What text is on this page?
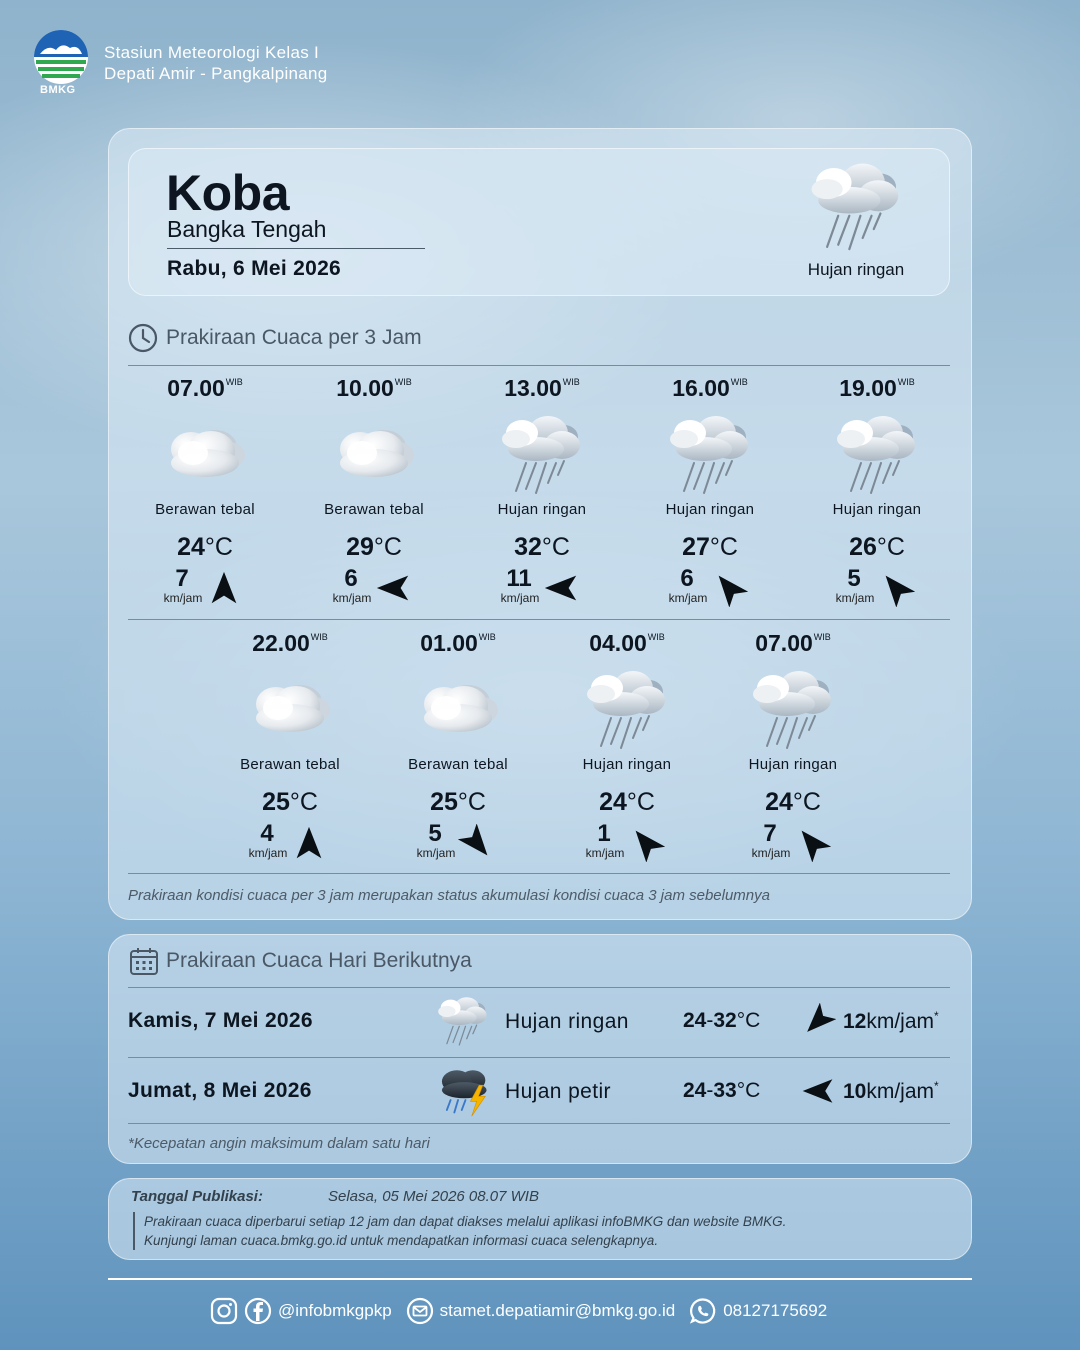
BMKG
Stasiun Meteorologi Kelas I
Depati Amir - Pangkalpinang
Koba
Bangka Tengah
Rabu, 6 Mei 2026	Hujan ringan
Prakiraan Cuaca per 3 Jam
$07.00^{WIB}$
Berawan tebal
24°C
7
km/jam
$10.00^{WIB}$
Berawan tebal
29°C
6
km/jam
$13.00^{WIB}$
Hujan ringan
32°C
11
km/jam
$16.00^{WIB}$
Hujan ringan
27°C
6
km/jam
$19.00^{WIB}$
Hujan ringan
26°C
5
km/jam
$22.00^{WIB}$
Berawan tebal
25°C
4
km/jam
$01.00^{WIB}$
Berawan tebal
25°C
5
km/jam
$04.00^{WIB}$
Hujan ringan
24°C
1
km/jam
$07.00^{WIB}$
Hujan ringan
24°C
7
km/jam
Prakiraan kondisi cuaca per 3 jam merupakan status akumulasi kondisi cuaca 3 jam sebelumnya
Prakiraan Cuaca Hari Berikutnya
Kamis, 7 Mei 2026	Hujan ringan	24-32°C	12km/jam*
Jumat, 8 Mei 2026	Hujan petir	24-33°C	10km/jam*
*Kecepatan angin maksimum dalam satu hari
Tanggal Publikasi:	Selasa, 05 Mei 2026 08.07 WIB
Prakiraan cuaca diperbarui setiap 12 jam dan dapat diakses melalui aplikasi infoBMKG dan website BMKG.
Kunjungi laman cuaca.bmkg.go.id untuk mendapatkan informasi cuaca selengkapnya.
@infobmkgpkp	stamet.depatiamir@bmkg.go.id	08127175692
